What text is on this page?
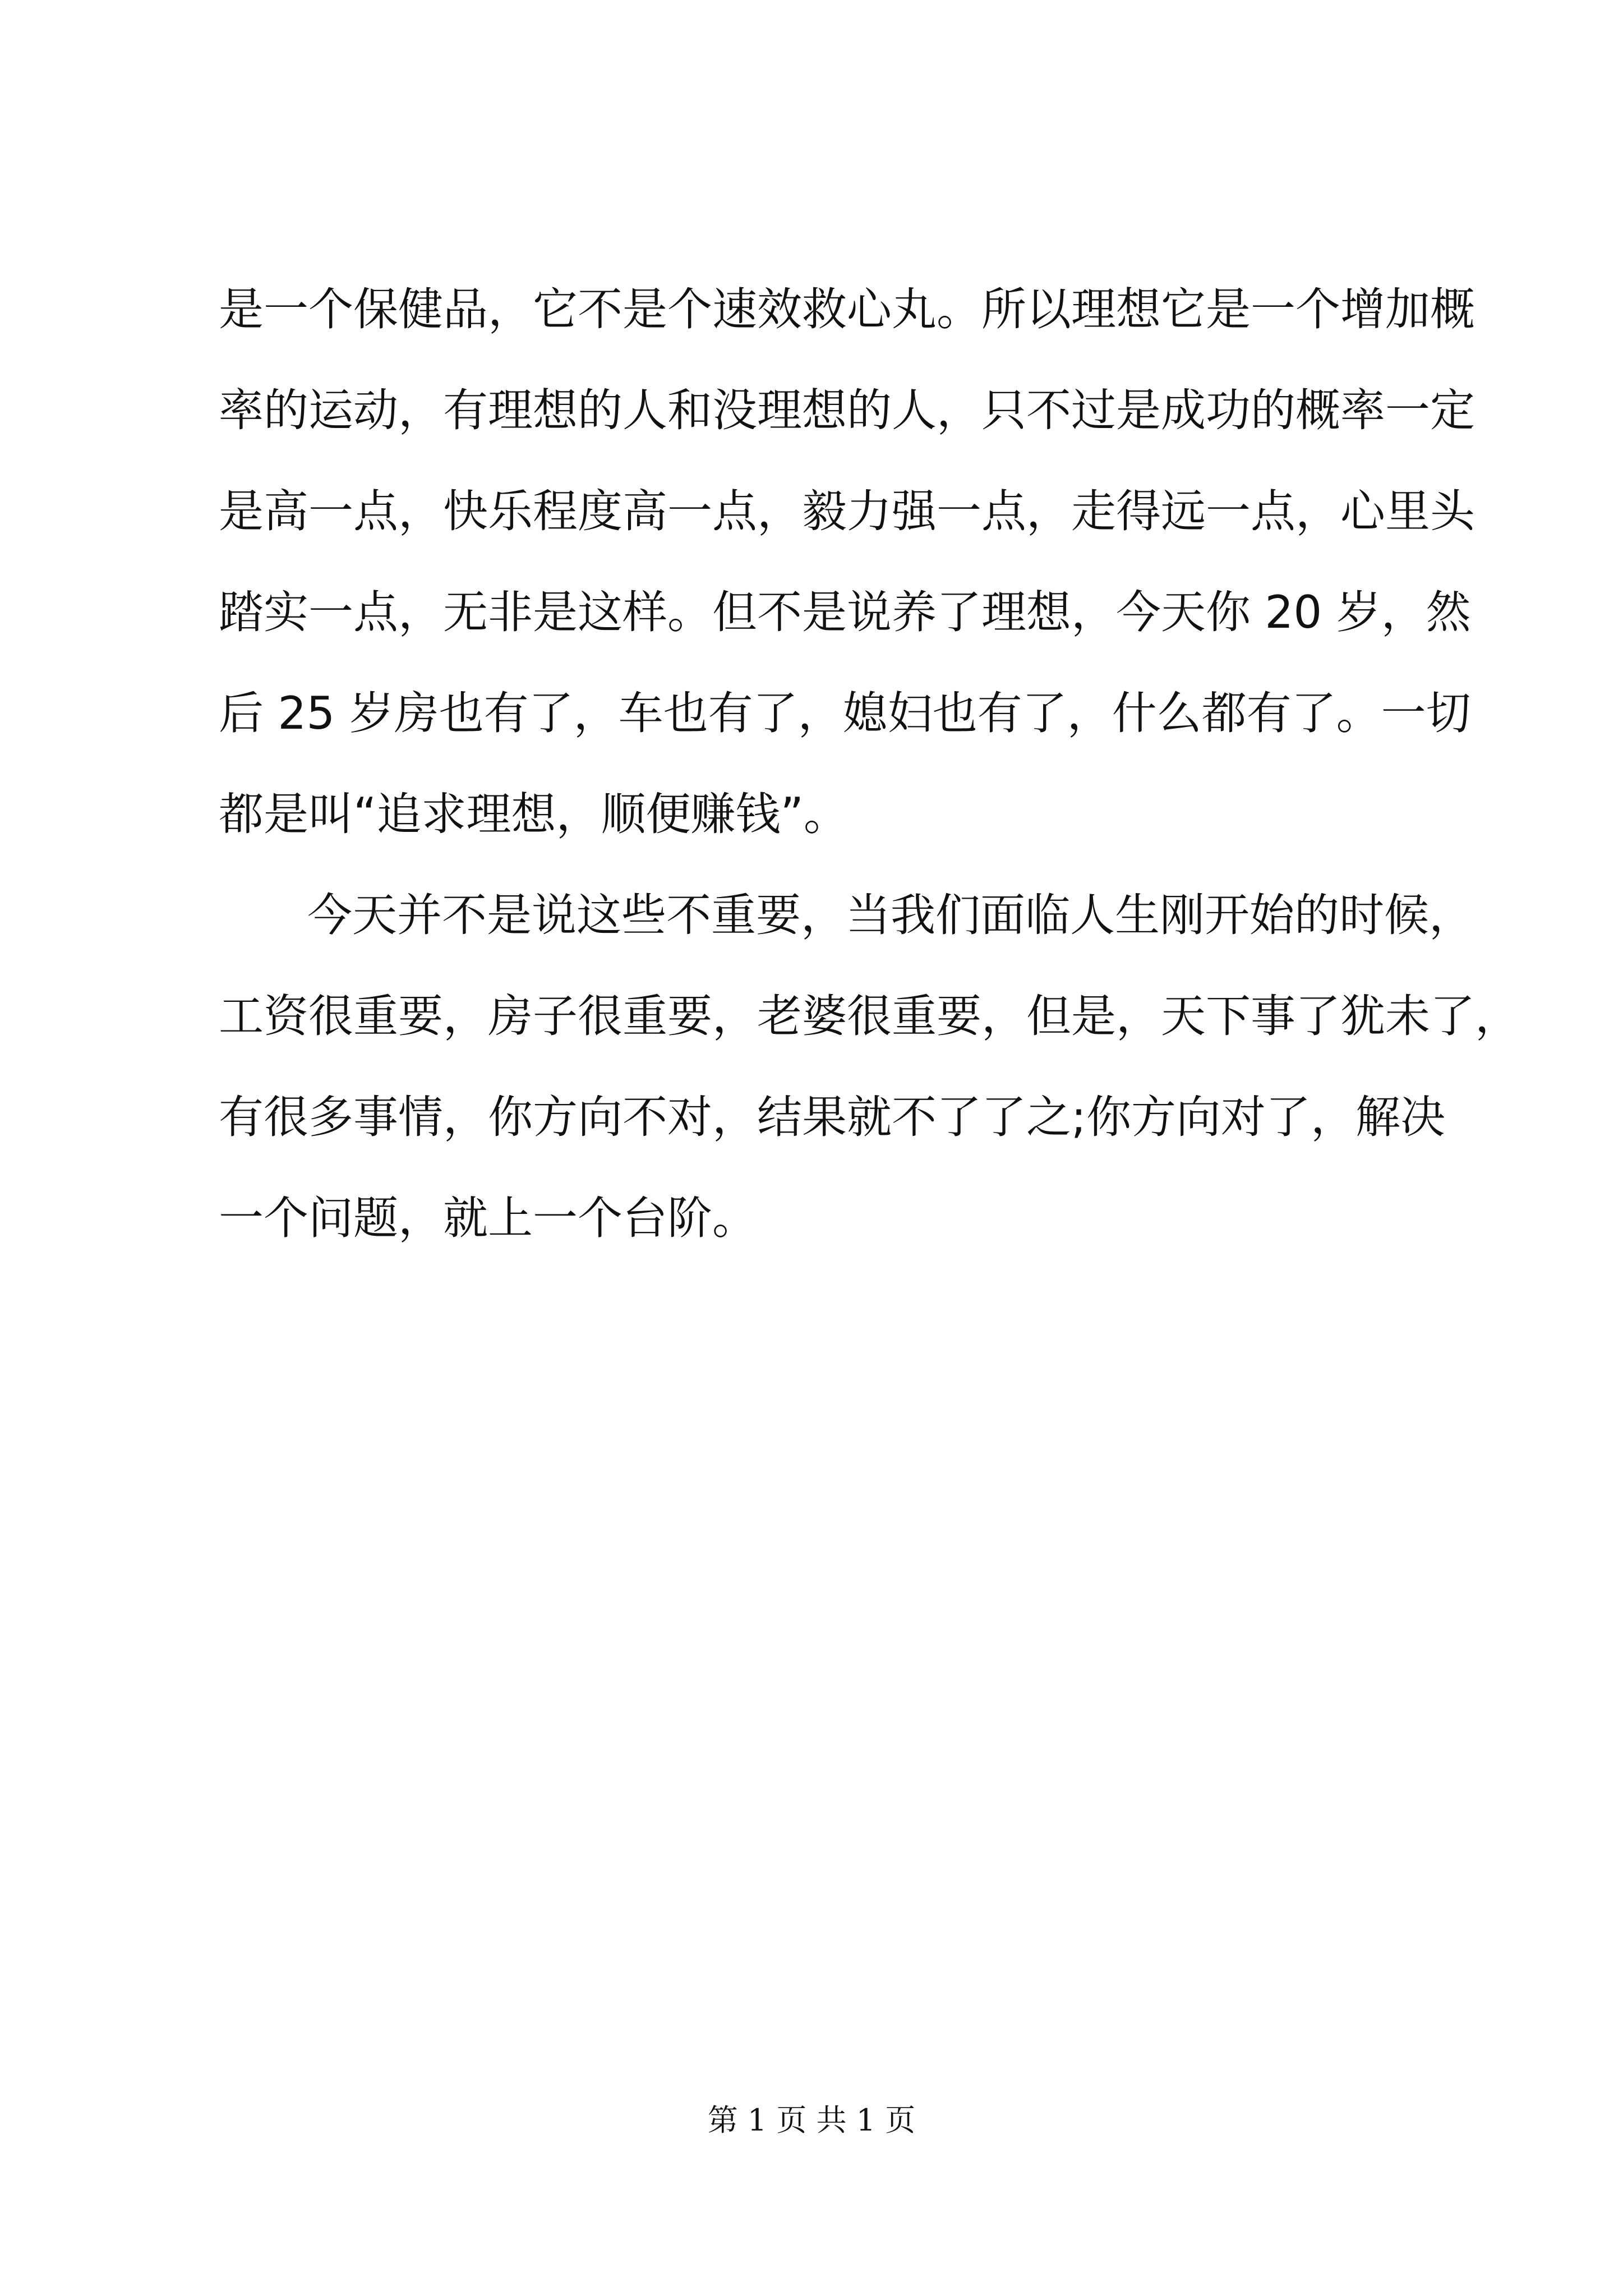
是一个保健品，它不是个速效救心丸。所以理想它是一个增加概
率的运动，有理想的人和没理想的人，只不过是成功的概率一定
是高一点，快乐程度高一点，毅力强一点，走得远一点，心里头
踏实一点，无非是这样。但不是说养了理想，今天你 20 岁，然
后 25 岁房也有了，车也有了，媳妇也有了，什么都有了。一切
都是叫“追求理想，顺便赚钱”。
今天并不是说这些不重要，当我们面临人生刚开始的时候，
工资很重要，房子很重要，老婆很重要，但是，天下事了犹未了，
有很多事情，你方向不对，结果就不了了之;你方向对了，解决
一个问题，就上一个台阶。
第 1 页 共 1 页
